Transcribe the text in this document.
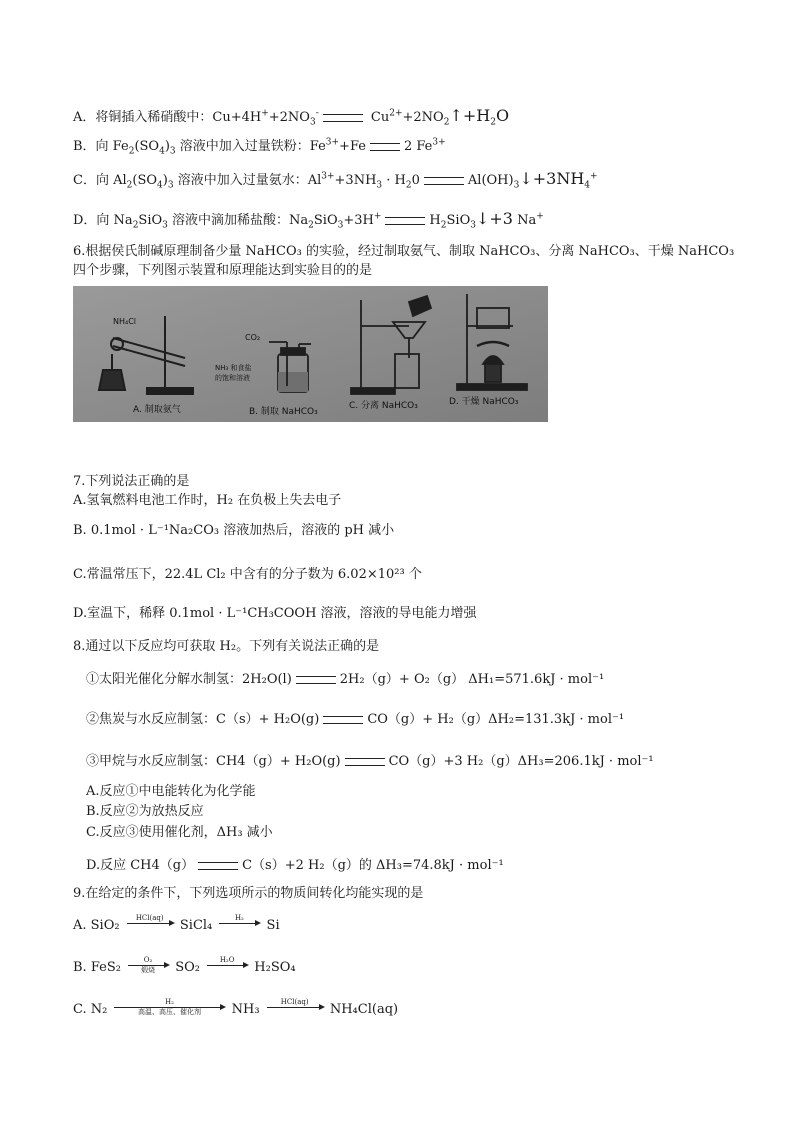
A．将铜插入稀硝酸中：$Cu+4H^++2NO_3^-$	$Cu^{2+}+2NO_2↑+H_2O$
B．向 $Fe_2(SO_4)_3$ 溶液中加入过量铁粉：$Fe^{3+}+Fe$	2 $Fe^{3+}$
C．向 $Al_2(SO_4)_3$ 溶液中加入过量氨水：$Al^{3+}+3NH_3 \cdot H_20$	$Al(OH)_3↓+3NH_4^+$
D．向 $Na_2SiO_3$ 溶液中滴加稀盐酸：$Na_2SiO_3+3H^+$	$H_2SiO_3↓+3$ Na+
6.根据侯氏制碱原理制备少量 NaHCO₃ 的实验，经过制取氨气、制取 NaHCO₃、分离 NaHCO₃、干燥 NaHCO₃
四个步骤，下列图示装置和原理能达到实验目的的是
NH₄Cl
CO₂
NH₃ 和食盐
的饱和溶液
A. 制取氨气	B. 制取 NaHCO₃
C. 分离 NaHCO₃	D. 干燥 NaHCO₃
7.下列说法正确的是
A.氢氧燃料电池工作时，H₂ 在负极上失去电子
B. 0.1mol · L⁻¹Na₂CO₃ 溶液加热后，溶液的 pH 减小
C.常温常压下，22.4L Cl₂ 中含有的分子数为 6.02×10²³ 个
D.室温下，稀释 0.1mol · L⁻¹CH₃COOH 溶液，溶液的导电能力增强
8.通过以下反应均可获取 H₂。下列有关说法正确的是
①太阳光催化分解水制氢：2H₂O(l)	2H₂（g）+ O₂（g） ΔH₁=571.6kJ · mol⁻¹
②焦炭与水反应制氢：C（s）+ H₂O(g)	CO（g）+ H₂（g）ΔH₂=131.3kJ · mol⁻¹
③甲烷与水反应制氢：CH4（g）+ H₂O(g)	CO（g）+3 H₂（g）ΔH₃=206.1kJ · mol⁻¹
A.反应①中电能转化为化学能
B.反应②为放热反应
C.反应③使用催化剂，ΔH₃ 减小
D.反应 CH4（g）	C（s）+2 H₂（g）的 ΔH₃=74.8kJ · mol⁻¹
9.在给定的条件下，下列选项所示的物质间转化均能实现的是
A. SiO₂ HCl(aq) SiCl₄	H₂ Si
B. FeS₂	O₂
煅烧 SO₂	H₂O H₂SO₄
C. N₂	H₂
高温、高压、催化剂 NH₃	HCl(aq) NH₄Cl(aq)
